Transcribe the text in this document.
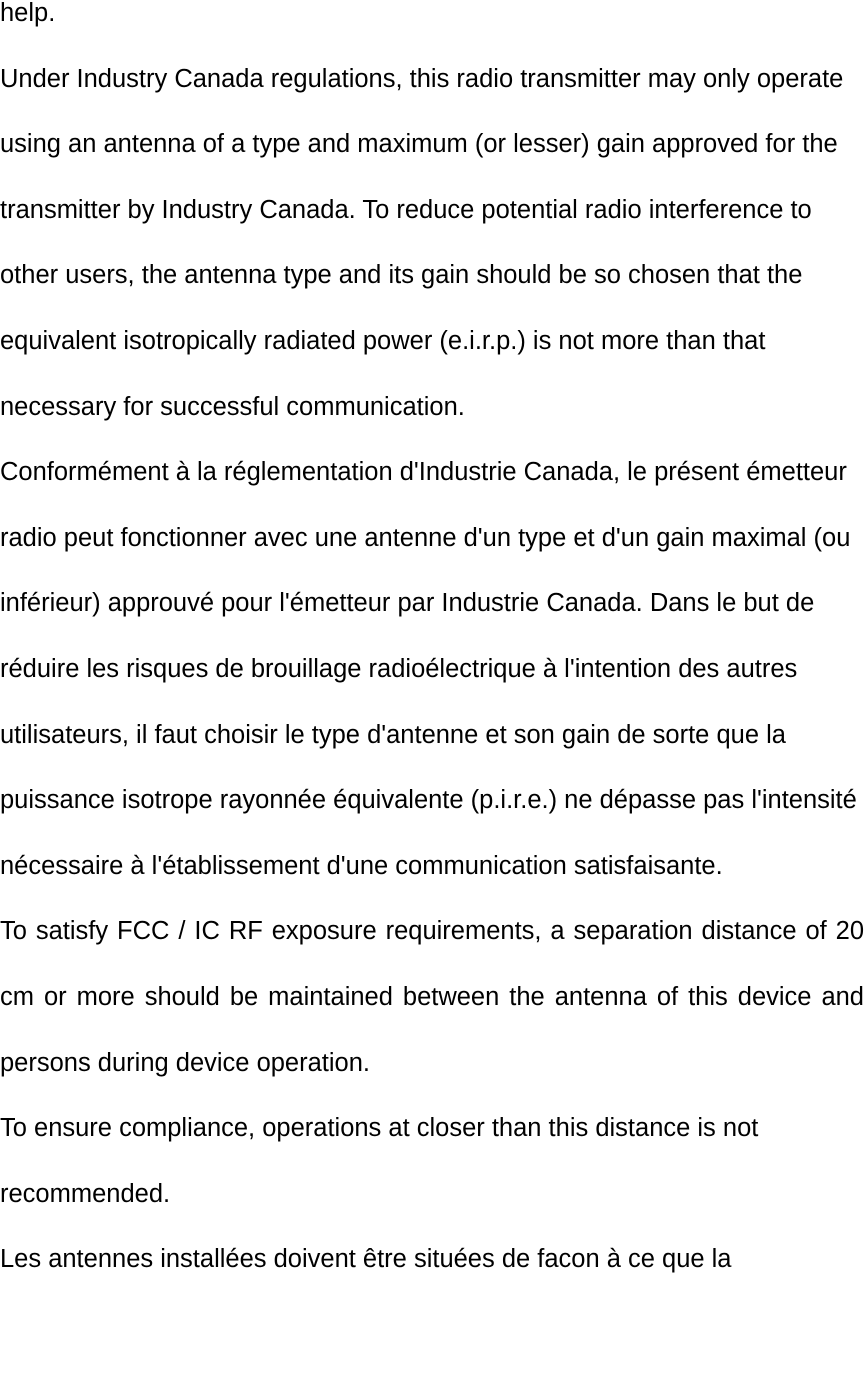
help.

Under Industry Canada regulations, this radio transmitter may only operate using an antenna of a type and maximum (or lesser) gain approved for the transmitter by Industry Canada. To reduce potential radio interference to other users, the antenna type and its gain should be so chosen that the equivalent isotropically radiated power (e.i.r.p.) is not more than that necessary for successful communication.

Conformément à la réglementation d'Industrie Canada, le présent émetteur radio peut fonctionner avec une antenne d'un type et d'un gain maximal (ou inférieur) approuvé pour l'émetteur par Industrie Canada. Dans le but de réduire les risques de brouillage radioélectrique à l'intention des autres utilisateurs, il faut choisir le type d'antenne et son gain de sorte que la puissance isotrope rayonnée équivalente (p.i.r.e.) ne dépasse pas l'intensité nécessaire à l'établissement d'une communication satisfaisante.

To satisfy FCC / IC RF exposure requirements, a separation distance of 20 cm or more should be maintained between the antenna of this device and persons during device operation.

To ensure compliance, operations at closer than this distance is not recommended.

Les antennes installées doivent être situées de facon à ce que la
